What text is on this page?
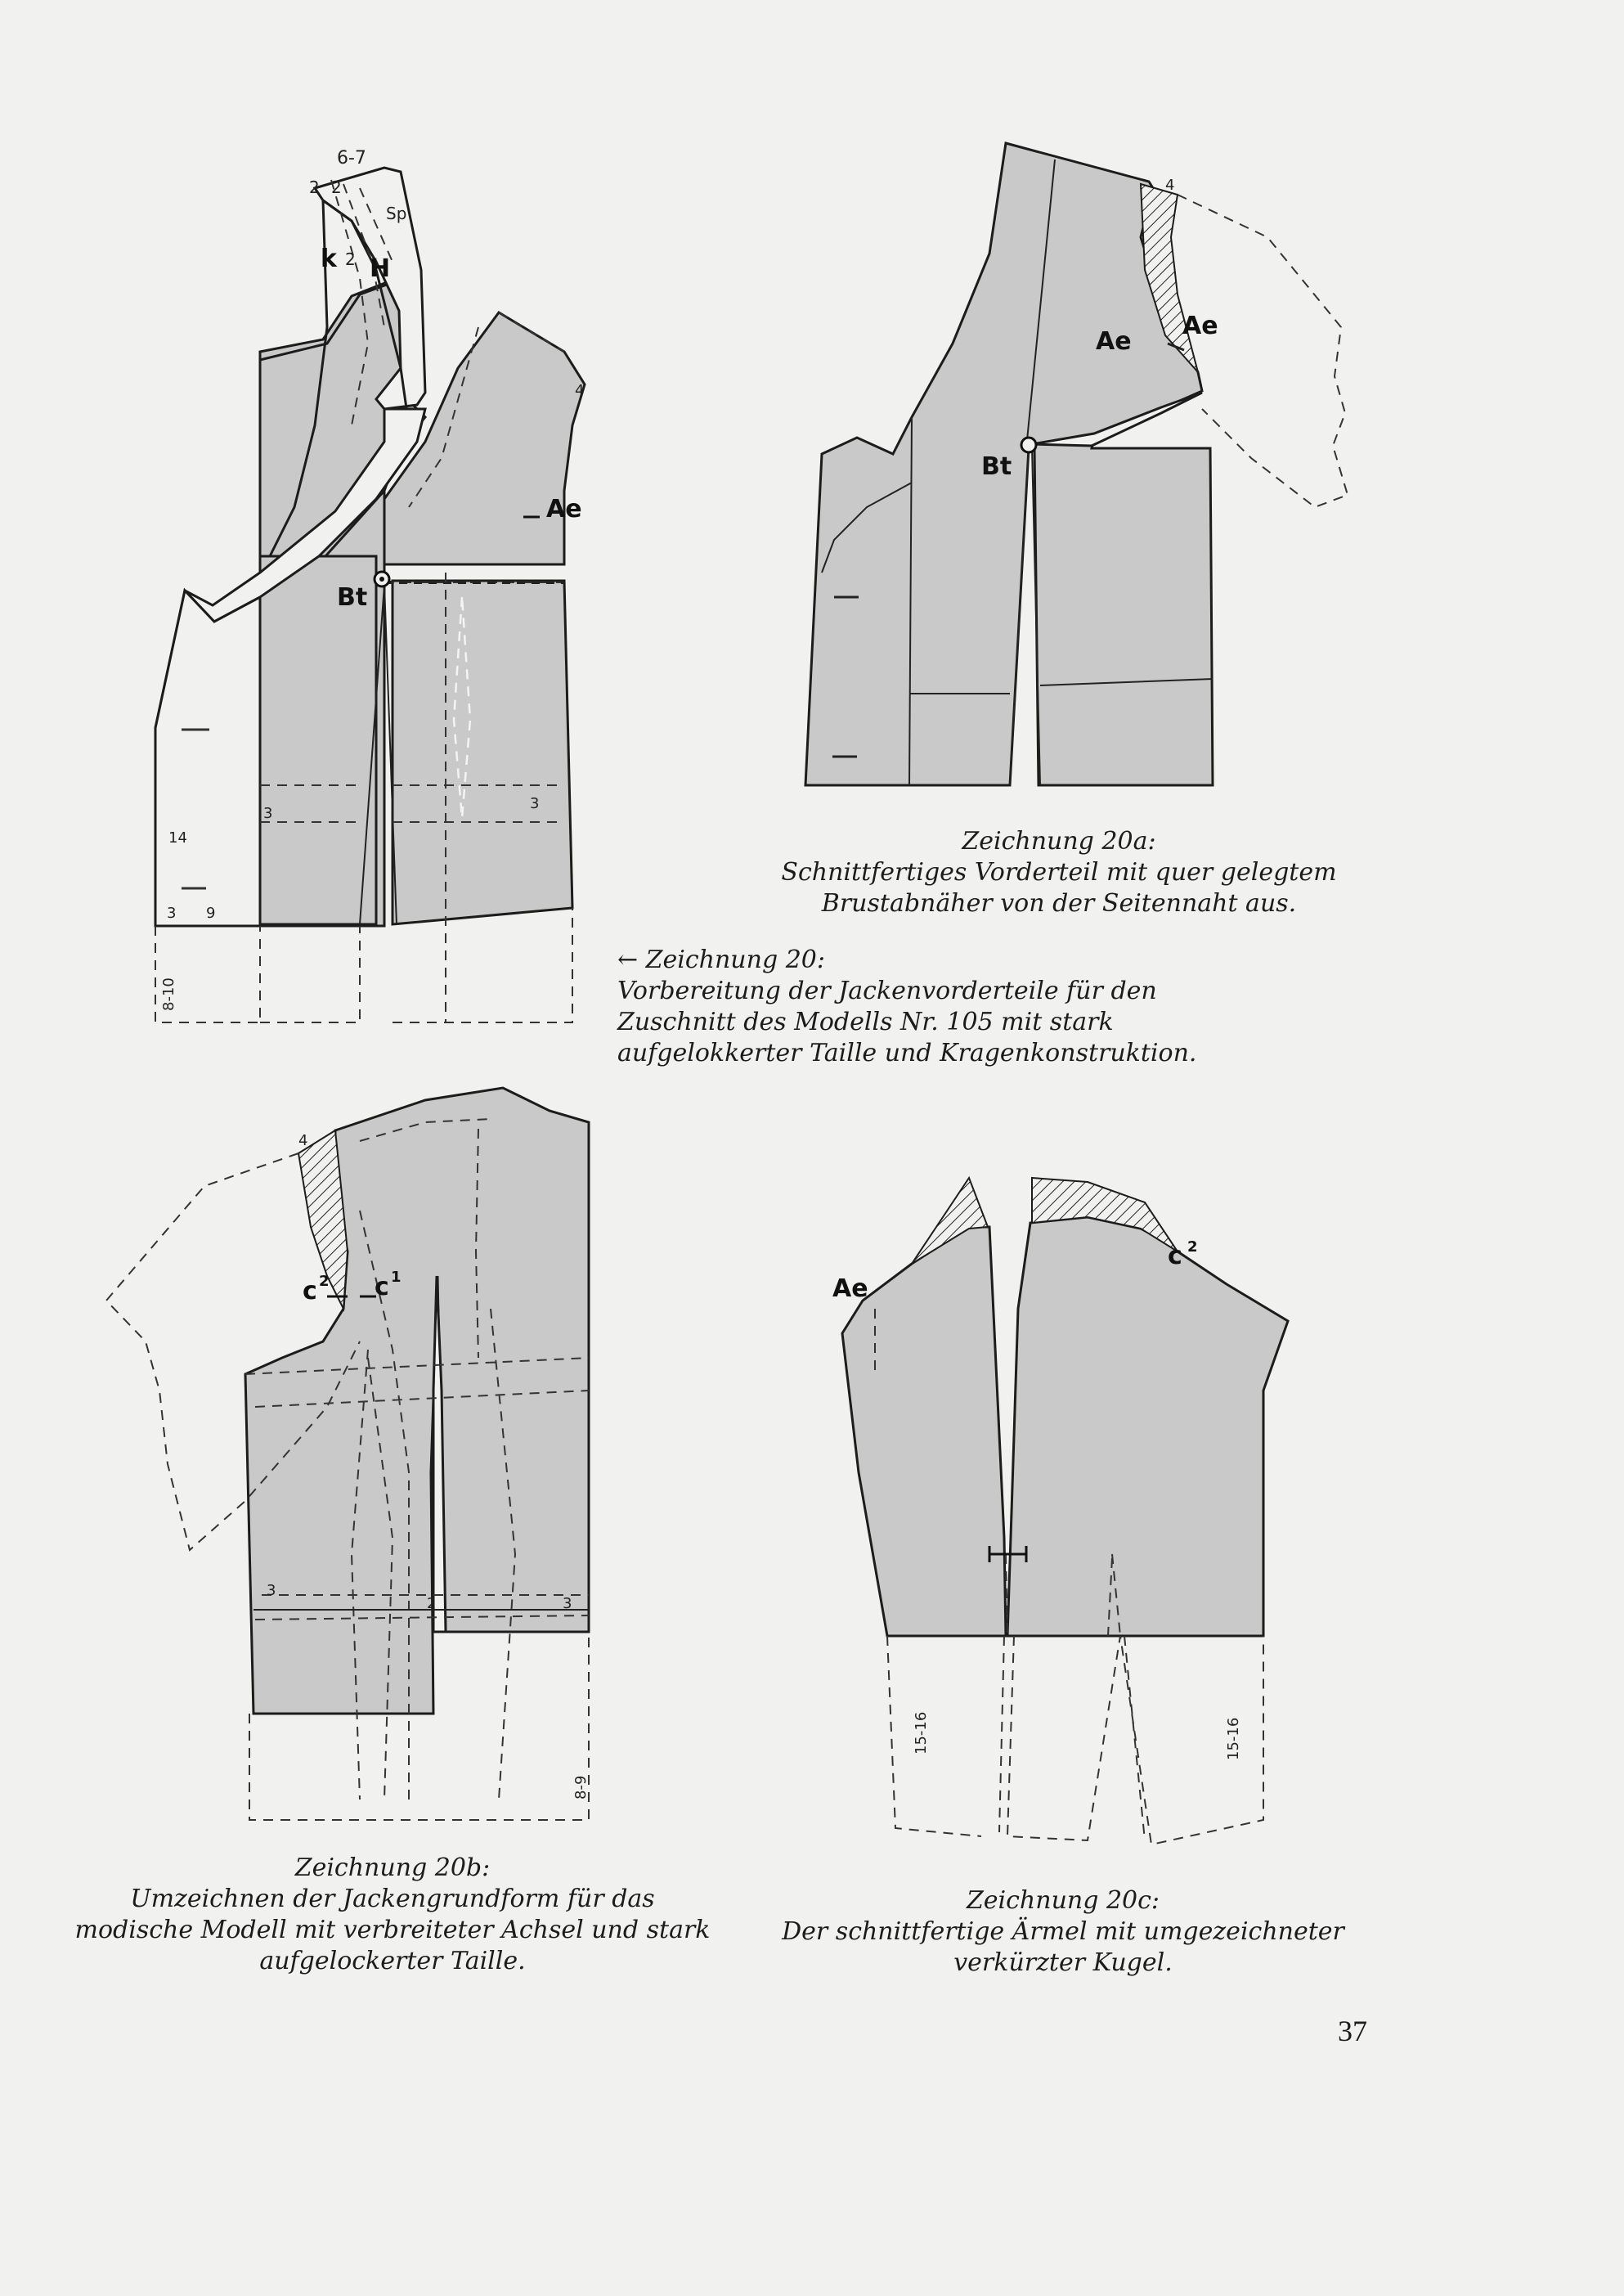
6-7
2 2
Sp
k 2 H
4
Ae
Bt
3
3
14
3 9
8-10
4
Ae
Ae
Bt
4
c 2 c 1
3
2	3
8-9
Ae
c 2
15-16	15-16
Zeichnung 20a:
Schnittfertiges Vorderteil mit quer gelegtem Brustabnäher von der Seitennaht aus.
← Zeichnung 20:
Vorbereitung der Jackenvorderteile für den Zuschnitt des Modells Nr. 105 mit stark aufgelokkerter Taille und Kragenkonstruktion.
Zeichnung 20b:
Umzeichnen der Jackengrundform für das modische Modell mit verbreiteter Achsel und stark aufgelockerter Taille.
Zeichnung 20c:
Der schnittfertige Ärmel mit umgezeichneter verkürzter Kugel.
37
